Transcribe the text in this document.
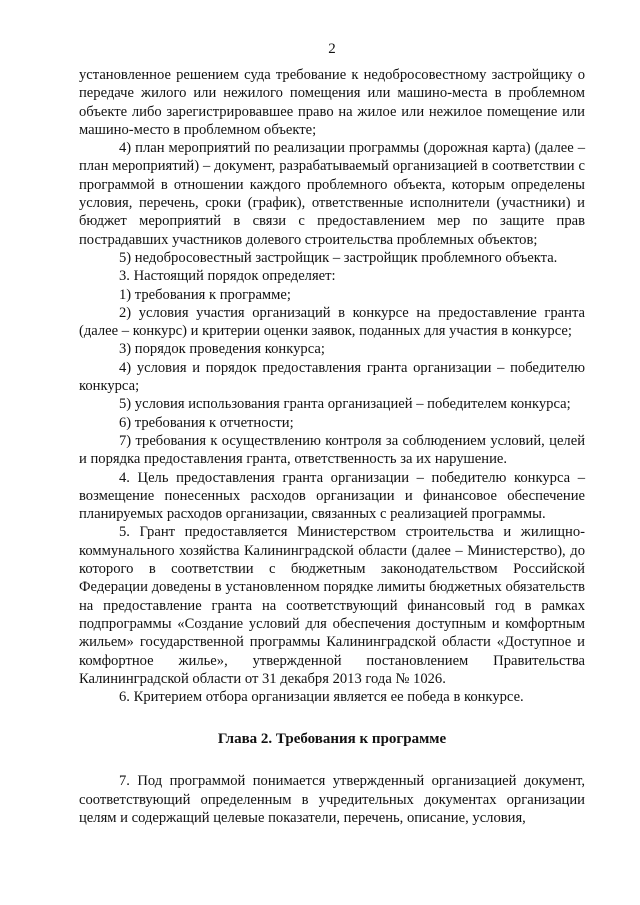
2

установленное решением суда требование к недобросовестному застройщику о передаче жилого или нежилого помещения или машино-места в проблемном объекте либо зарегистрировавшее право на жилое или нежилое помещение или машино-место в проблемном объекте;

4) план мероприятий по реализации программы (дорожная карта) (далее – план мероприятий) – документ, разрабатываемый организацией в соответствии с программой в отношении каждого проблемного объекта, которым определены условия, перечень, сроки (график), ответственные исполнители (участники) и бюджет мероприятий в связи с предоставлением мер по защите прав пострадавших участников долевого строительства проблемных объектов;

5) недобросовестный застройщик – застройщик проблемного объекта.

3. Настоящий порядок определяет:

1) требования к программе;

2) условия участия организаций в конкурсе на предоставление гранта (далее – конкурс) и критерии оценки заявок, поданных для участия в конкурсе;

3) порядок проведения конкурса;

4) условия и порядок предоставления гранта организации – победителю конкурса;

5) условия использования гранта организацией – победителем конкурса;

6) требования к отчетности;

7) требования к осуществлению контроля за соблюдением условий, целей и порядка предоставления гранта, ответственность за их нарушение.

4. Цель предоставления гранта организации – победителю конкурса – возмещение понесенных расходов организации и финансовое обеспечение планируемых расходов организации, связанных с реализацией программы.

5. Грант предоставляется Министерством строительства и жилищно-коммунального хозяйства Калининградской области (далее – Министерство), до которого в соответствии с бюджетным законодательством Российской Федерации доведены в установленном порядке лимиты бюджетных обязательств на предоставление гранта на соответствующий финансовый год в рамках подпрограммы «Создание условий для обеспечения доступным и комфортным жильем» государственной программы Калининградской области «Доступное и комфортное жилье», утвержденной постановлением Правительства Калининградской области от 31 декабря 2013 года № 1026.

6. Критерием отбора организации является ее победа в конкурсе.

Глава 2. Требования к программе

7. Под программой понимается утвержденный организацией документ, соответствующий определенным в учредительных документах организации целям и содержащий целевые показатели, перечень, описание, условия,
